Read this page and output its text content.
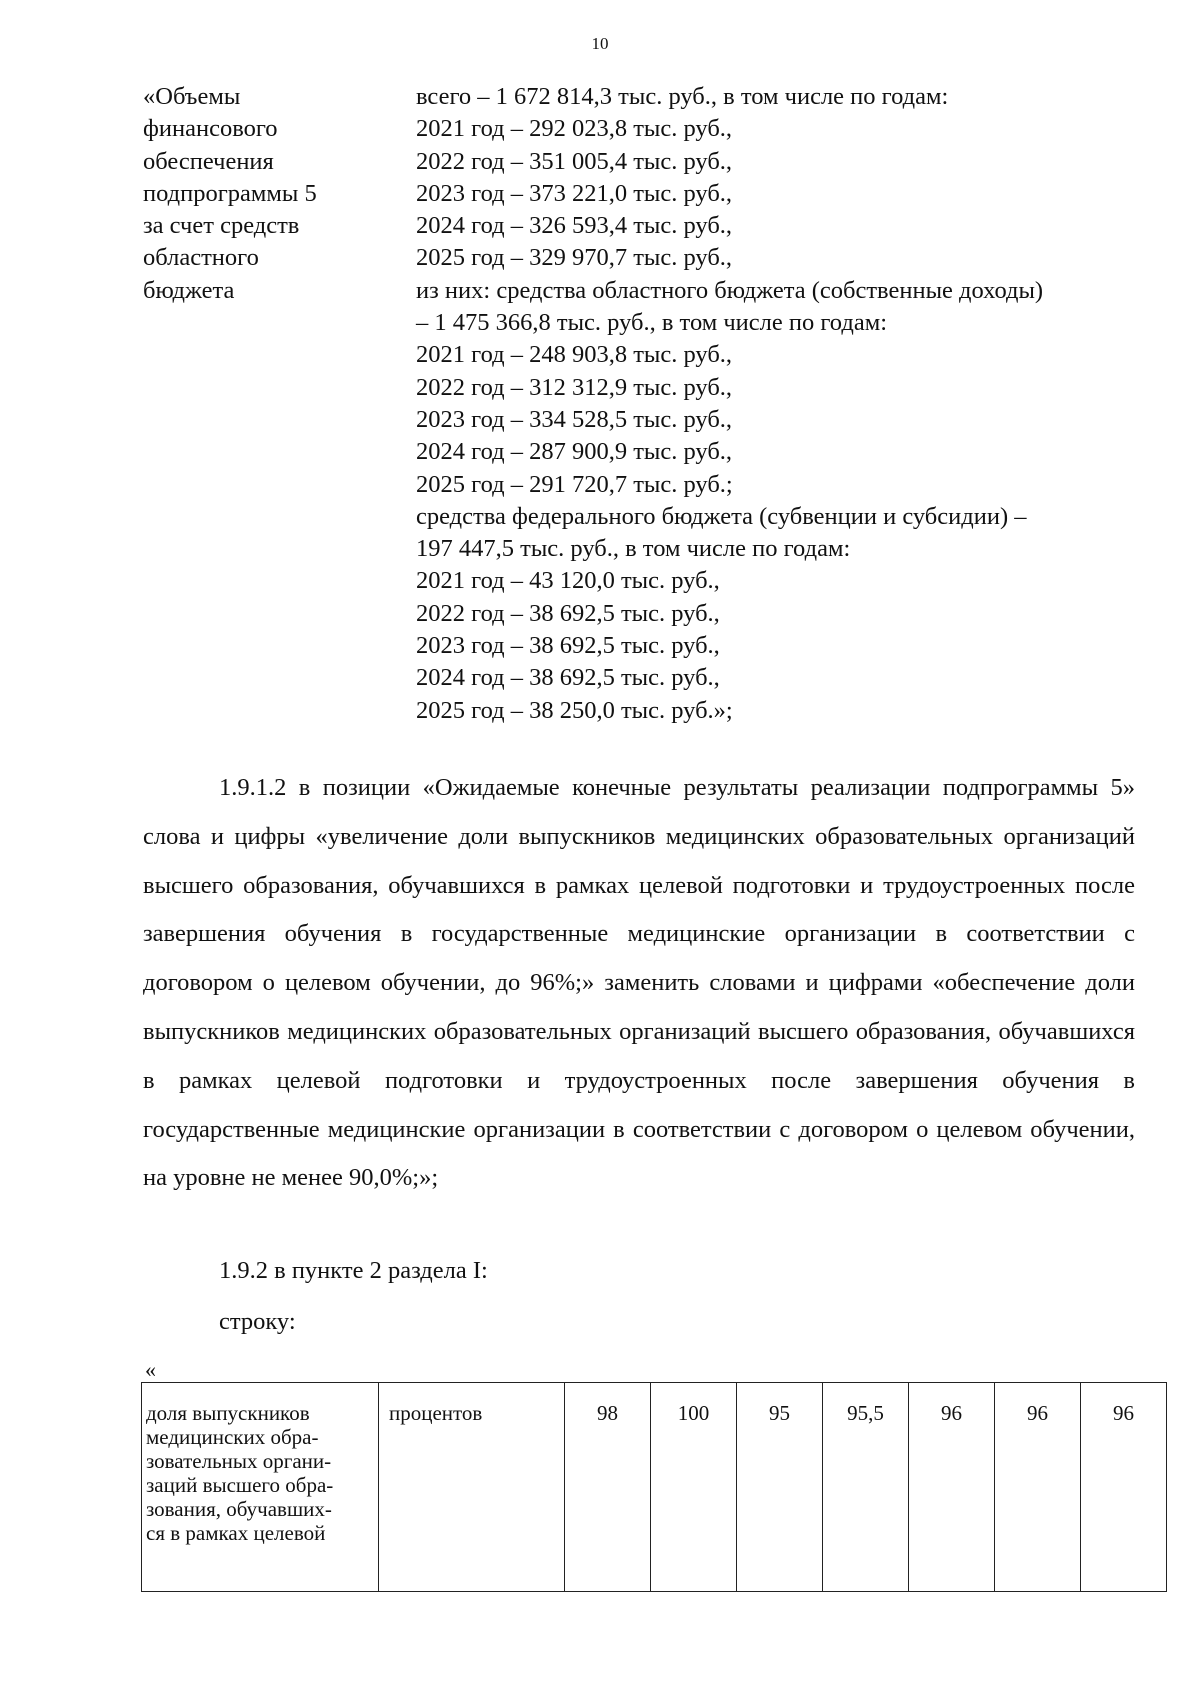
10
«Объемы
финансового
обеспечения
подпрограммы 5
за счет средств
областного
бюджета
всего – 1 672 814,3 тыс. руб., в том числе по годам:
2021 год – 292 023,8 тыс. руб.,
2022 год – 351 005,4 тыс. руб.,
2023 год – 373 221,0 тыс. руб.,
2024 год – 326 593,4 тыс. руб.,
2025 год – 329 970,7 тыс. руб.,
из них: средства областного бюджета (собственные доходы)
– 1 475 366,8 тыс. руб., в том числе по годам:
2021 год – 248 903,8 тыс. руб.,
2022 год – 312 312,9 тыс. руб.,
2023 год – 334 528,5 тыс. руб.,
2024 год – 287 900,9 тыс. руб.,
2025 год – 291 720,7 тыс. руб.;
средства федерального бюджета (субвенции и субсидии) –
197 447,5 тыс. руб., в том числе по годам:
2021 год – 43 120,0 тыс. руб.,
2022 год – 38 692,5 тыс. руб.,
2023 год – 38 692,5 тыс. руб.,
2024 год – 38 692,5 тыс. руб.,
2025 год – 38 250,0 тыс. руб.»;
1.9.1.2 в позиции «Ожидаемые конечные результаты реализации подпрограммы 5» слова и цифры «увеличение доли выпускников медицинских образовательных организаций высшего образования, обучавшихся в рамках целевой подготовки и трудоустроенных после завершения обучения в государственные медицинские организации в соответствии с договором о целевом обучении, до 96%;» заменить словами и цифрами «обеспечение доли выпускников медицинских образовательных организаций высшего образования, обучавшихся в рамках целевой подготовки и трудоустроенных после завершения обучения в государственные медицинские организации в соответствии с договором о целевом обучении, на уровне не менее 90,0%;»;
1.9.2 в пункте 2 раздела I:
строку:
«
доля выпускников
медицинских обра-
зовательных органи-
заций высшего обра-
зования, обучавших-
ся в рамках целевой
	процентов	98	100	95	95,5	96	96	96
